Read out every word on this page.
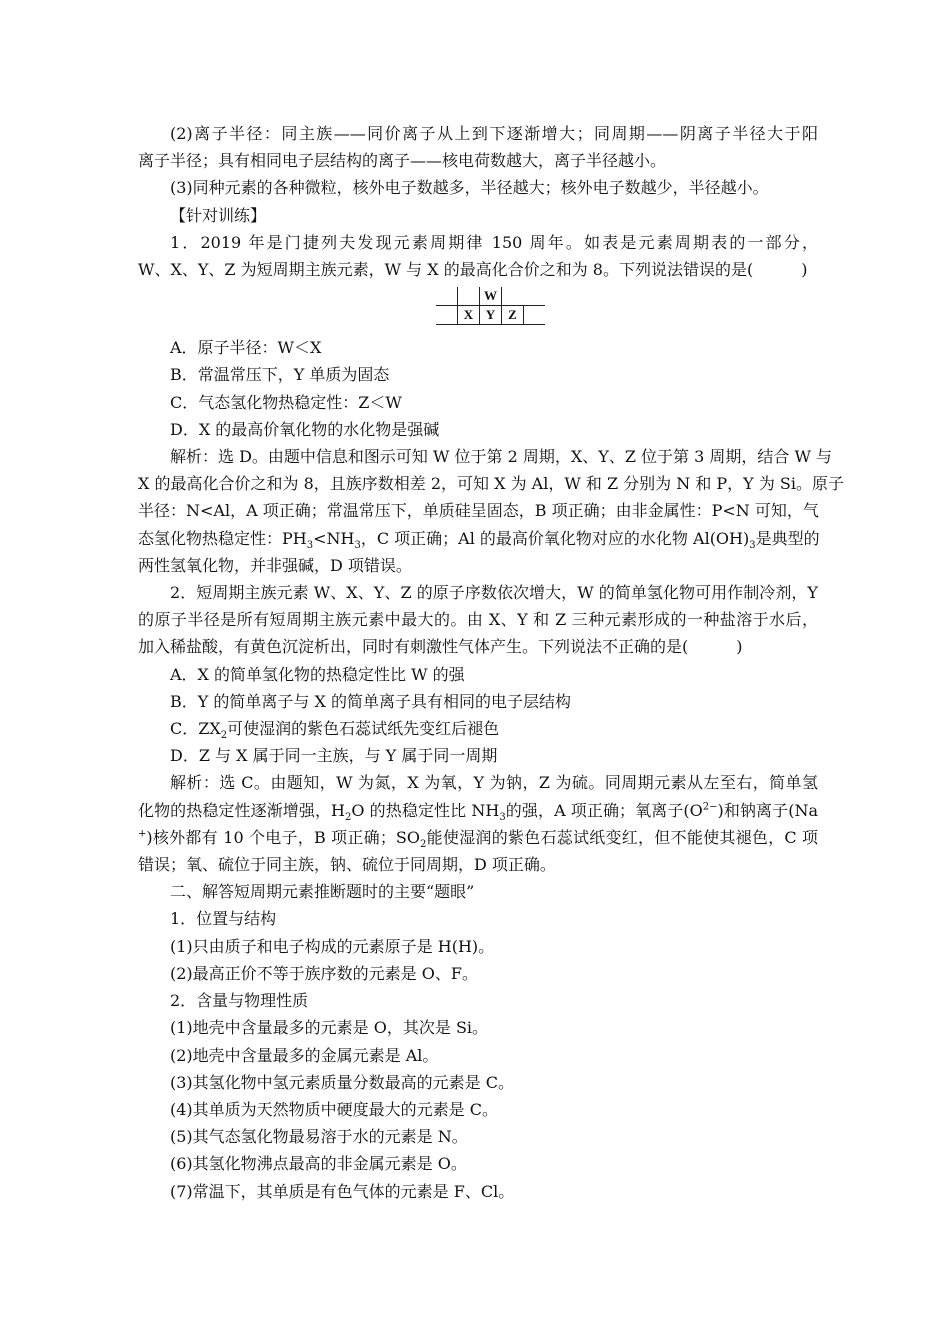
(2)离子半径：同主族——同价离子从上到下逐渐增大；同周期——阴离子半径大于阳
离子半径；具有相同电子层结构的离子——核电荷数越大，离子半径越小。
(3)同种元素的各种微粒，核外电子数越多，半径越大；核外电子数越少，半径越小。
【针对训练】
1．2019 年是门捷列夫发现元素周期律 150 周年。如表是元素周期表的一部分，
W、X、Y、Z 为短周期主族元素，W 与 X 的最高化合价之和为 8。下列说法错误的是(	)
		W		
	X	Y	Z	
A．原子半径：W＜X
B．常温常压下，Y 单质为固态
C．气态氢化物热稳定性：Z＜W
D．X 的最高价氧化物的水化物是强碱
解析：选 D。由题中信息和图示可知 W 位于第 2 周期，X、Y、Z 位于第 3 周期，结合 W 与
X 的最高化合价之和为 8，且族序数相差 2，可知 X 为 Al，W 和 Z 分别为 N 和 P，Y 为 Si。原子
半径：N<Al，A 项正确；常温常压下，单质硅呈固态，B 项正确；由非金属性：P<N 可知，气
态氢化物热稳定性：$PH_3<NH_3$，C 项正确；Al 的最高价氧化物对应的水化物 $Al(OH)_3$是典型的
两性氢氧化物，并非强碱，D 项错误。
2．短周期主族元素 W、X、Y、Z 的原子序数依次增大，W 的简单氢化物可用作制冷剂，Y
的原子半径是所有短周期主族元素中最大的。由 X、Y 和 Z 三种元素形成的一种盐溶于水后，
加入稀盐酸，有黄色沉淀析出，同时有刺激性气体产生。下列说法不正确的是(	)
A．X 的简单氢化物的热稳定性比 W 的强
B．Y 的简单离子与 X 的简单离子具有相同的电子层结构
C．$ZX_2$可使湿润的紫色石蕊试纸先变红后褪色
D．Z 与 X 属于同一主族，与 Y 属于同一周期
解析：选 C。由题知，W 为氮，X 为氧，Y 为钠，Z 为硫。同周期元素从左至右，简单氢
化物的热稳定性逐渐增强，$H_2O$ 的热稳定性比 $NH_3$的强，A 项正确；氧离子$(O^{2-})$和钠离子(Na
+)核外都有 10 个电子，B 项正确；$SO_2$能使湿润的紫色石蕊试纸变红，但不能使其褪色，C 项
错误；氧、硫位于同主族，钠、硫位于同周期，D 项正确。
二、解答短周期元素推断题时的主要“题眼”
1．位置与结构
(1)只由质子和电子构成的元素原子是 H(H)。
(2)最高正价不等于族序数的元素是 O、F。
2．含量与物理性质
(1)地壳中含量最多的元素是 O，其次是 Si。
(2)地壳中含量最多的金属元素是 Al。
(3)其氢化物中氢元素质量分数最高的元素是 C。
(4)其单质为天然物质中硬度最大的元素是 C。
(5)其气态氢化物最易溶于水的元素是 N。
(6)其氢化物沸点最高的非金属元素是 O。
(7)常温下，其单质是有色气体的元素是 F、Cl。
